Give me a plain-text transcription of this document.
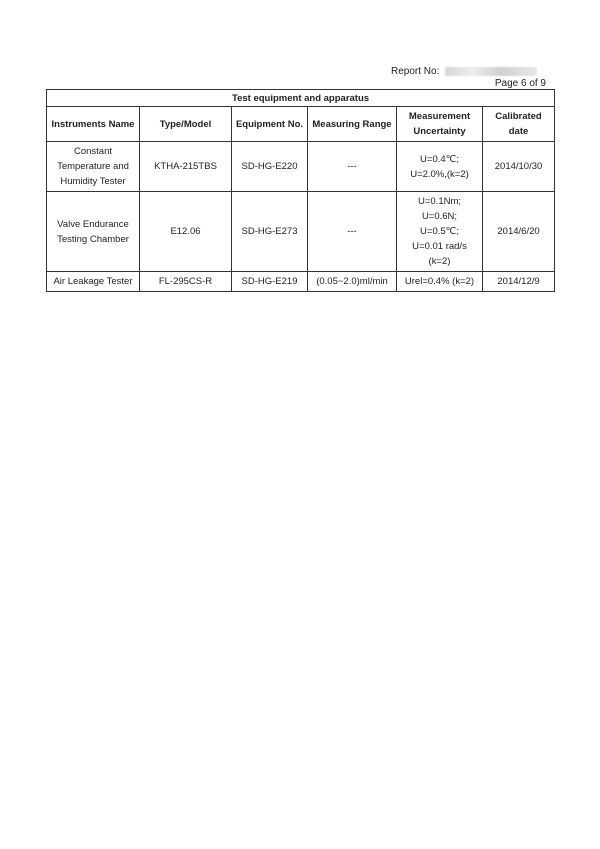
Report No:
Page 6 of 9
Test equipment and apparatus					
Instruments Name	Type/Model	Equipment No.	Measuring Range	Measurement Uncertainty	Calibrated date

Constant
Temperature and
Humidity Tester	KTHA-215TBS	SD-HG-E220	---	U=0.4℃;
U=2.0%,(k=2)	2014/10/30

Valve Endurance
Testing Chamber	E12.06	SD-HG-E273	---	U=0.1Nm;
U=0.6N;
U=0.5℃;
U=0.01 rad/s
(k=2)	2014/6/20

Air Leakage Tester	FL-295CS-R	SD-HG-E219	(0.05~2.0)ml/min	Urel=0.4% (k=2)	2014/12/9
